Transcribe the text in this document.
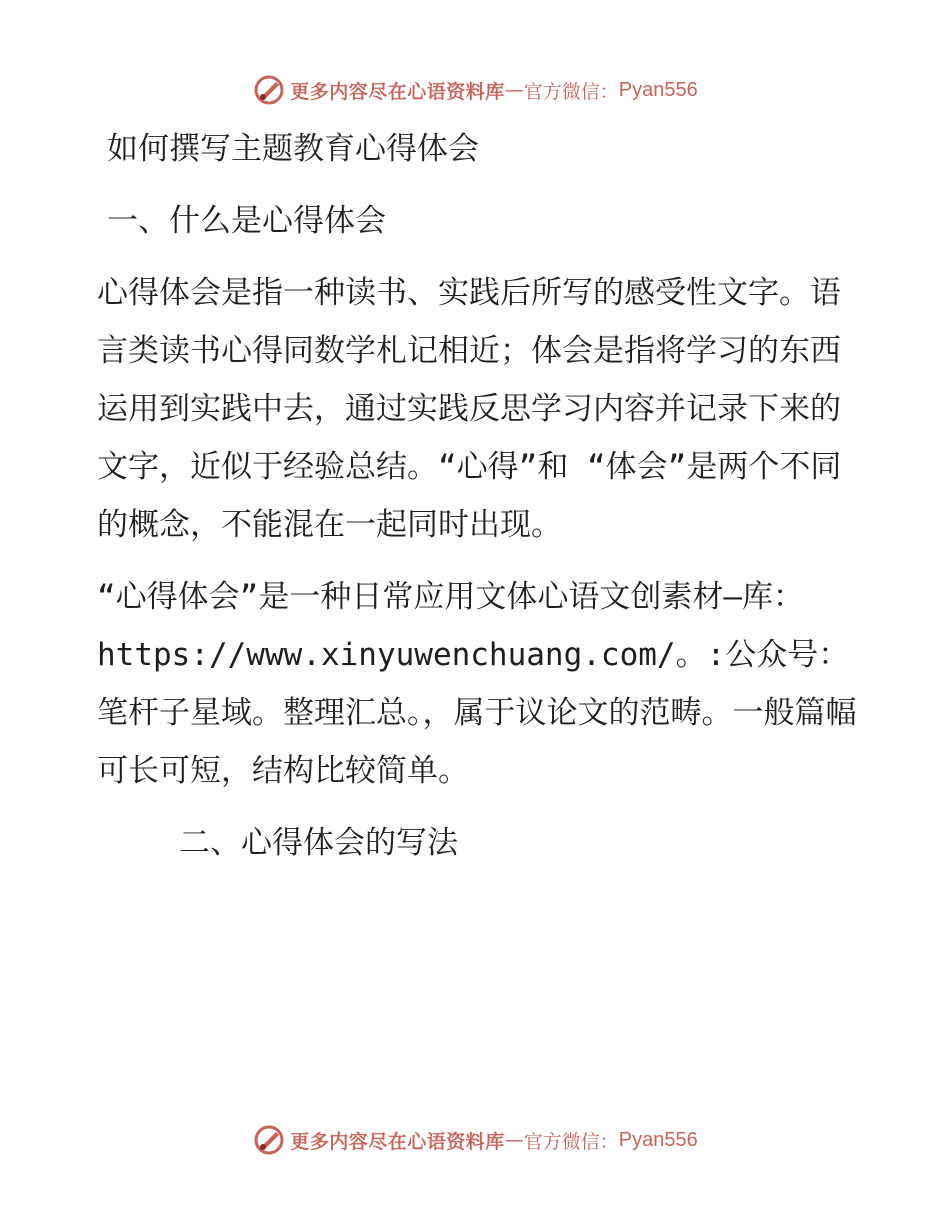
更多内容尽在心语资料库 — 官方微信： Pyan556

如何撰写主题教育心得体会

一、什么是心得体会

心得体会是指一种读书、实践后所写的感受性文字。语言类读书心得同数学札记相近；体会是指将学习的东西运用到实践中去，通过实践反思学习内容并记录下来的文字，近似于经验总结。“心得”和 “体会”是两个不同的概念，不能混在一起同时出现。

“心得体会”是一种日常应用文体心语文创素材—库：https://www.xinyuwenchuang.com/。:公众号：笔杆子星域。整理汇总。，属于议论文的范畴。一般篇幅可长可短，结构比较简单。

二、心得体会的写法

更多内容尽在心语资料库 — 官方微信： Pyan556
